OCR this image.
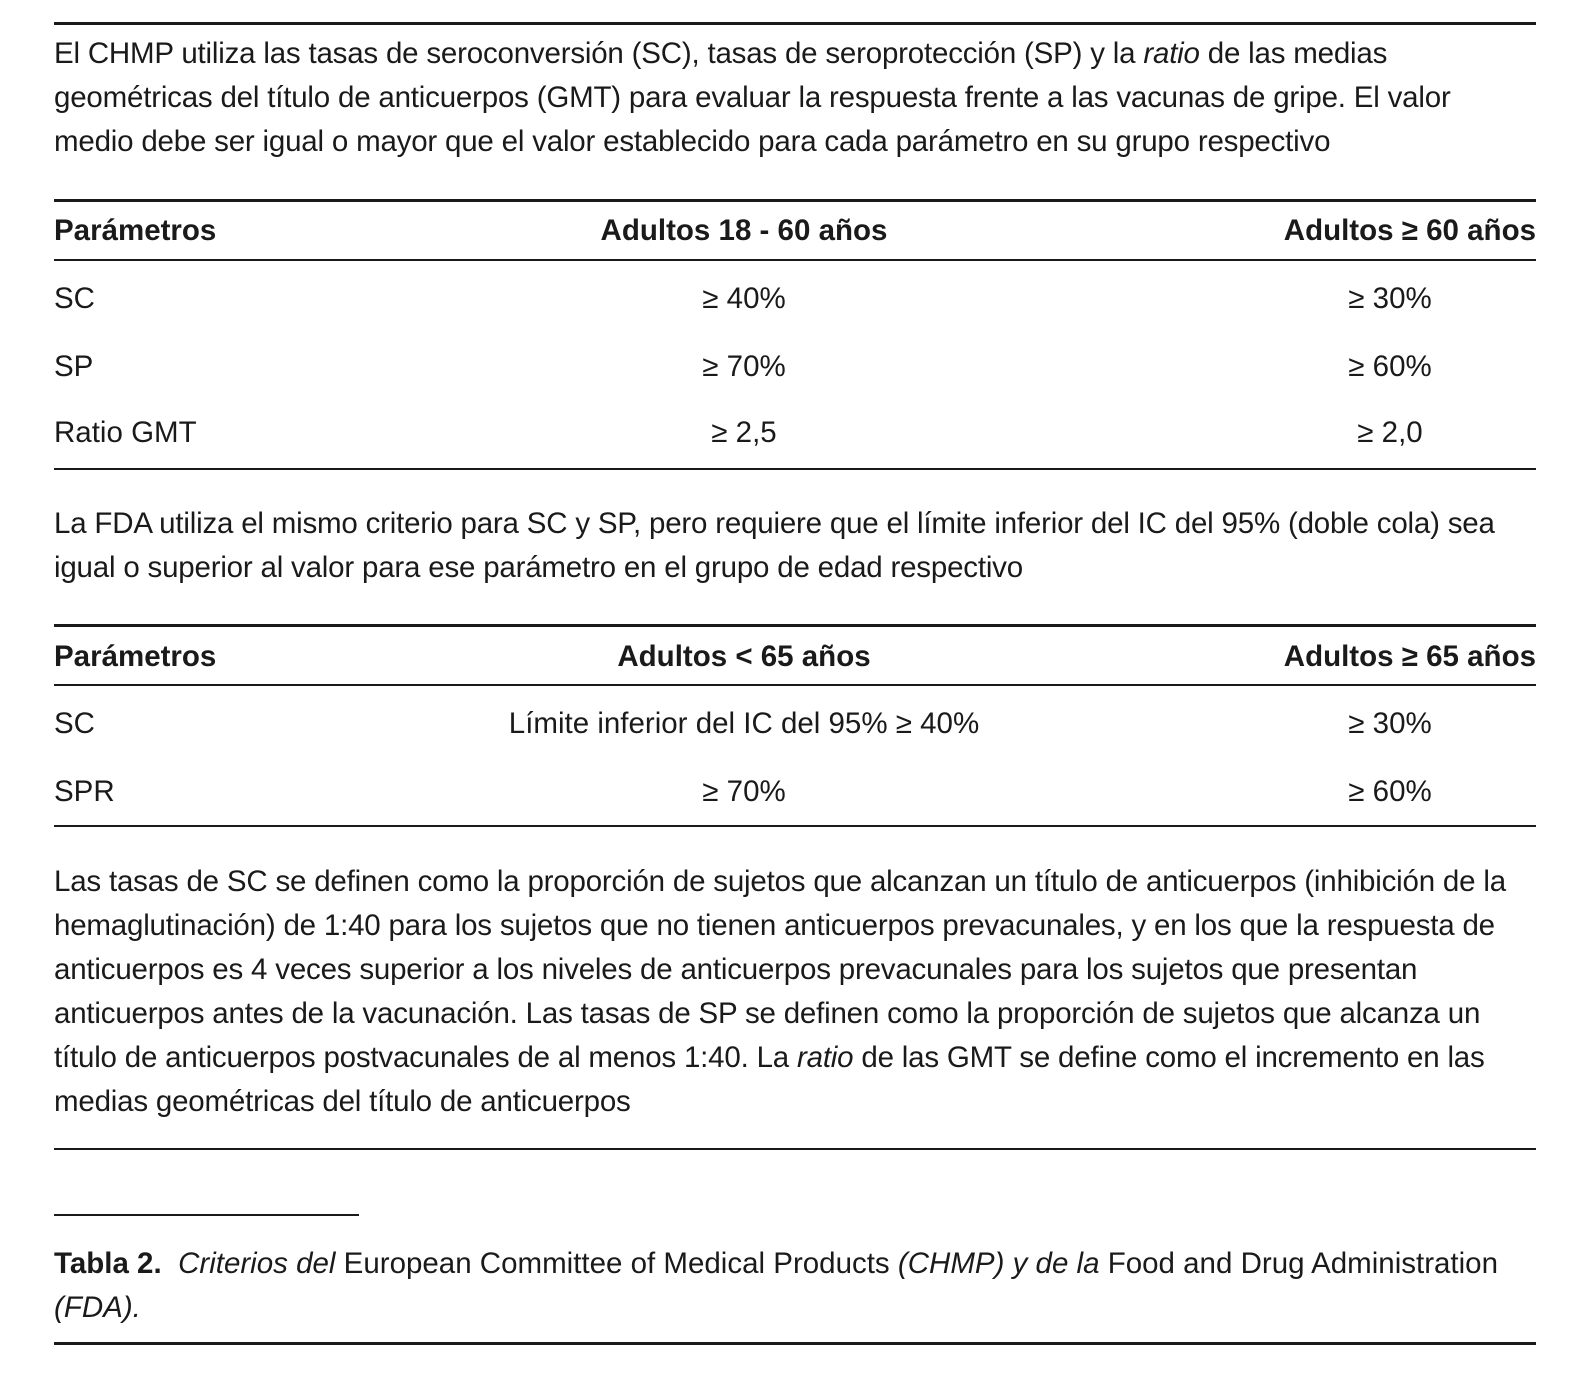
El CHMP utiliza las tasas de seroconversión (SC), tasas de seroprotección (SP) y la ratio de las medias geométricas del título de anticuerpos (GMT) para evaluar la respuesta frente a las vacunas de gripe. El valor medio debe ser igual o mayor que el valor establecido para cada parámetro en su grupo respectivo

Parámetros	Adultos 18 - 60 años	Adultos ≥ 60 años
SC	≥ 40%	≥ 30%
SP	≥ 70%	≥ 60%
Ratio GMT	≥ 2,5	≥ 2,0

La FDA utiliza el mismo criterio para SC y SP, pero requiere que el límite inferior del IC del 95% (doble cola) sea igual o superior al valor para ese parámetro en el grupo de edad respectivo

Parámetros	Adultos < 65 años	Adultos ≥ 65 años
SC	Límite inferior del IC del 95% ≥ 40%	≥ 30%
SPR	≥ 70%	≥ 60%

Las tasas de SC se definen como la proporción de sujetos que alcanzan un título de anticuerpos (inhibición de la hemaglutinación) de 1:40 para los sujetos que no tienen anticuerpos prevacunales, y en los que la respuesta de anticuerpos es 4 veces superior a los niveles de anticuerpos prevacunales para los sujetos que presentan anticuerpos antes de la vacunación. Las tasas de SP se definen como la proporción de sujetos que alcanza un título de anticuerpos postvacunales de al menos 1:40. La ratio de las GMT se define como el incremento en las medias geométricas del título de anticuerpos

Tabla 2. Criterios del European Committee of Medical Products (CHMP) y de la Food and Drug Administration (FDA).
